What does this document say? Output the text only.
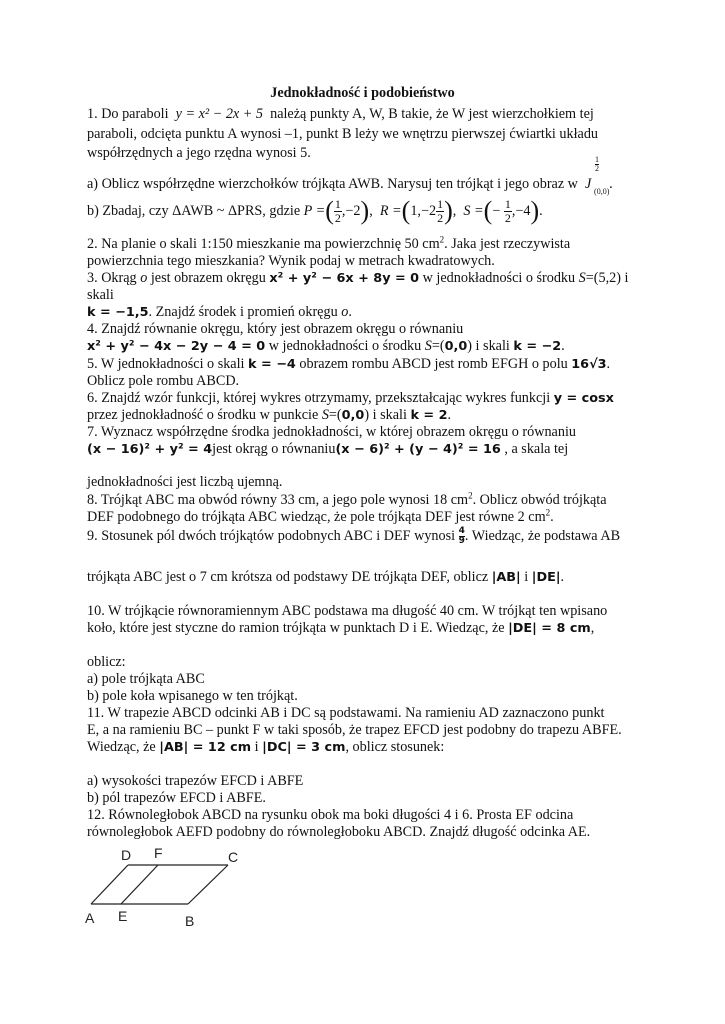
Jednokładność i podobieństwo
1. Do paraboli y = x² − 2x + 5 należą punkty A, W, B takie, że W jest wierzchołkiem tej
paraboli, odcięta punktu A wynosi –1, punkt B leży we wnętrzu pierwszej ćwiartki układu
współrzędnych a jego rzędna wynosi 5.
a) Oblicz współrzędne wierzchołków trójkąta AWB. Narysuj ten trójkąt i jego obraz w J
$\frac{1}{2}$
(0,0) .
b) Zbadaj, czy ΔAWB ~ ΔPRS, gdzie P =( $\frac{1}{2} ,-2$),  $R =(1,-2 \frac{1}{2}$ ),  S =(− $\frac{1}{2} ,-4$).
2. Na planie o skali 1:150 mieszkanie ma powierzchnię 50 $cm^2$. Jaka jest rzeczywista
powierzchnia tego mieszkania? Wynik podaj w metrach kwadratowych.
3. Okrąg o jest obrazem okręgu x² + y² − 6x + 8y = 0 w jednokładności o środku S=(5,2) i
skali
k = −1,5. Znajdź środek i promień okręgu o.
4. Znajdź równanie okręgu, który jest obrazem okręgu o równaniu
x² + y² − 4x − 2y − 4 = 0 w jednokładności o środku S=(0,0) i skali k = −2.
5. W jednokładności o skali k = −4 obrazem rombu ABCD jest romb EFGH o polu 16√3.
Oblicz pole rombu ABCD.
6. Znajdź wzór funkcji, której wykres otrzymamy, przekształcając wykres funkcji y = cosx
przez jednokładność o środku w punkcie S=(0,0) i skali k = 2.
7. Wyznacz współrzędne środka jednokładności, w której obrazem okręgu o równaniu
(x − 16)² + y² = 4jest okrąg o równaniu(x − 6)² + (y − 4)² = 16 , a skala tej
jednokładności jest liczbą ujemną.
8. Trójkąt ABC ma obwód równy 33 cm, a jego pole wynosi 18 $cm^2$. Oblicz obwód trójkąta
DEF podobnego do trójkąta ABC wiedząc, że pole trójkąta DEF jest równe 2 $cm^2$.
9. Stosunek pól dwóch trójkątów podobnych ABC i DEF wynosi $\frac{4}{9}$ . Wiedząc, że podstawa AB
trójkąta ABC jest o 7 cm krótsza od podstawy DE trójkąta DEF, oblicz |AB| i |DE|.
10. W trójkącie równoramiennym ABC podstawa ma długość 40 cm. W trójkąt ten wpisano
koło, które jest styczne do ramion trójkąta w punktach D i E. Wiedząc, że |DE| = 8 cm,
oblicz:
a) pole trójkąta ABC
b) pole koła wpisanego w ten trójkąt.
11. W trapezie ABCD odcinki AB i DC są podstawami. Na ramieniu AD zaznaczono punkt
E, a na ramieniu BC – punkt F w taki sposób, że trapez EFCD jest podobny do trapezu ABFE.
Wiedząc, że |AB| = 12 cm i |DC| = 3 cm, oblicz stosunek:
a) wysokości trapezów EFCD i ABFE
b) pól trapezów EFCD i ABFE.
12. Równoległobok ABCD na rysunku obok ma boki długości 4 i 6. Prosta EF odcina
równoległobok AEFD podobny do równoległoboku ABCD. Znajdź długość odcinka AE.
D F	C
A E	B
